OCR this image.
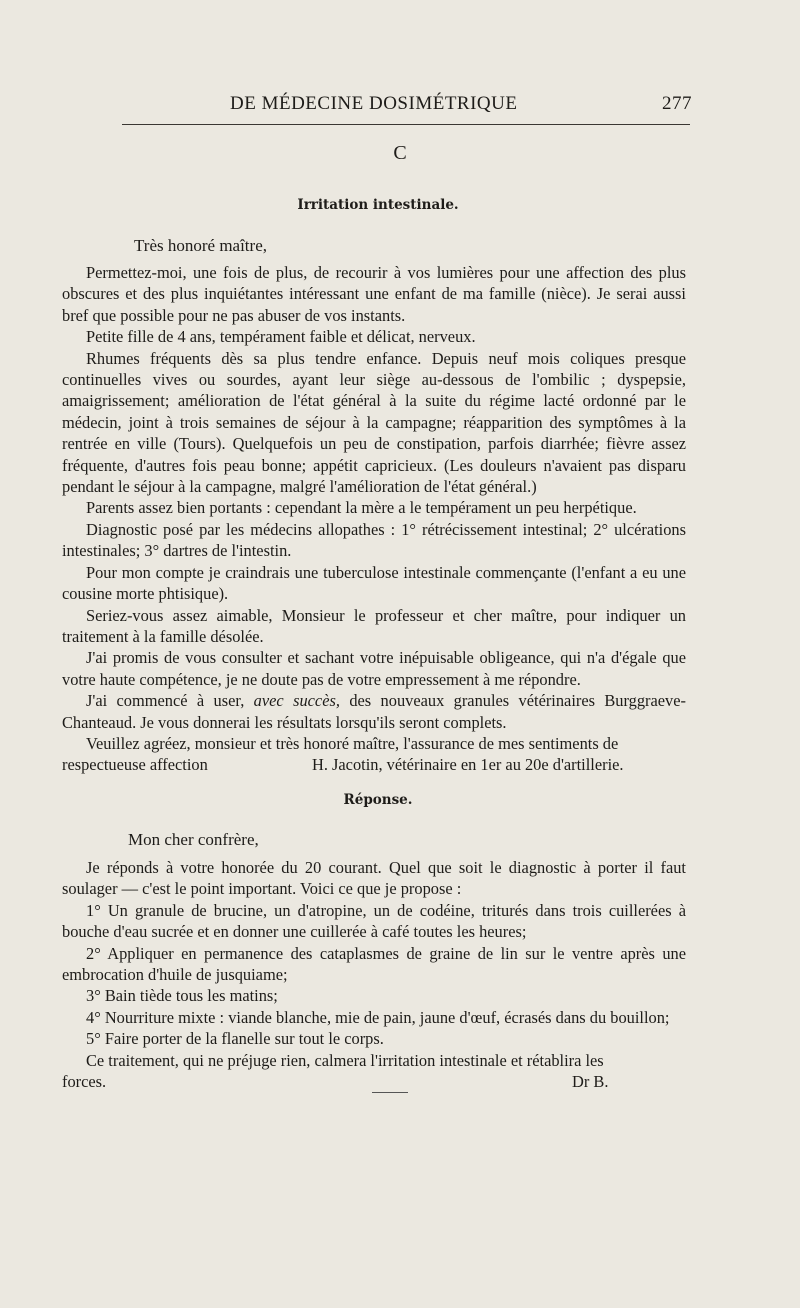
DE MÉDECINE DOSIMÉTRIQUE	277
C
Irritation intestinale.
Très honoré maître,

Permettez-moi, une fois de plus, de recourir à vos lumières pour une affection des plus obscures et des plus inquiétantes intéressant une enfant de ma famille (nièce). Je serai aussi bref que possible pour ne pas abuser de vos instants.

Petite fille de 4 ans, tempérament faible et délicat, nerveux.

Rhumes fréquents dès sa plus tendre enfance. Depuis neuf mois coliques presque continuelles vives ou sourdes, ayant leur siège au-dessous de l'ombilic ; dyspepsie, amaigrissement; amélioration de l'état général à la suite du régime lacté ordonné par le médecin, joint à trois semaines de séjour à la campagne; réapparition des symptômes à la rentrée en ville (Tours). Quelquefois un peu de constipation, parfois diarrhée; fièvre assez fréquente, d'autres fois peau bonne; appétit capricieux. (Les douleurs n'avaient pas disparu pendant le séjour à la campagne, malgré l'amélioration de l'état général.)

Parents assez bien portants : cependant la mère a le tempérament un peu herpétique.

Diagnostic posé par les médecins allopathes : 1° rétrécissement intestinal; 2° ulcérations intestinales; 3° dartres de l'intestin.

Pour mon compte je craindrais une tuberculose intestinale commençante (l'enfant a eu une cousine morte phtisique).

Seriez-vous assez aimable, Monsieur le professeur et cher maître, pour indiquer un traitement à la famille désolée.

J'ai promis de vous consulter et sachant votre inépuisable obligeance, qui n'a d'égale que votre haute compétence, je ne doute pas de votre empressement à me répondre.

J'ai commencé à user, avec succès, des nouveaux granules vétérinaires Burggraeve-Chanteaud. Je vous donnerai les résultats lorsqu'ils seront complets.

Veuillez agréez, monsieur et très honoré maître, l'assurance de mes sentiments de

respectueuse affection	H. Jacotin, vétérinaire en 1er au 20e d'artillerie.

Réponse.
Mon cher confrère,

Je réponds à votre honorée du 20 courant. Quel que soit le diagnostic à porter il faut soulager — c'est le point important. Voici ce que je propose :

1° Un granule de brucine, un d'atropine, un de codéine, triturés dans trois cuillerées à bouche d'eau sucrée et en donner une cuillerée à café toutes les heures;

2° Appliquer en permanence des cataplasmes de graine de lin sur le ventre après une embrocation d'huile de jusquiame;

3° Bain tiède tous les matins;

4° Nourriture mixte : viande blanche, mie de pain, jaune d'œuf, écrasés dans du bouillon;

5° Faire porter de la flanelle sur tout le corps.

Ce traitement, qui ne préjuge rien, calmera l'irritation intestinale et rétablira les

forces.	Dr B.
